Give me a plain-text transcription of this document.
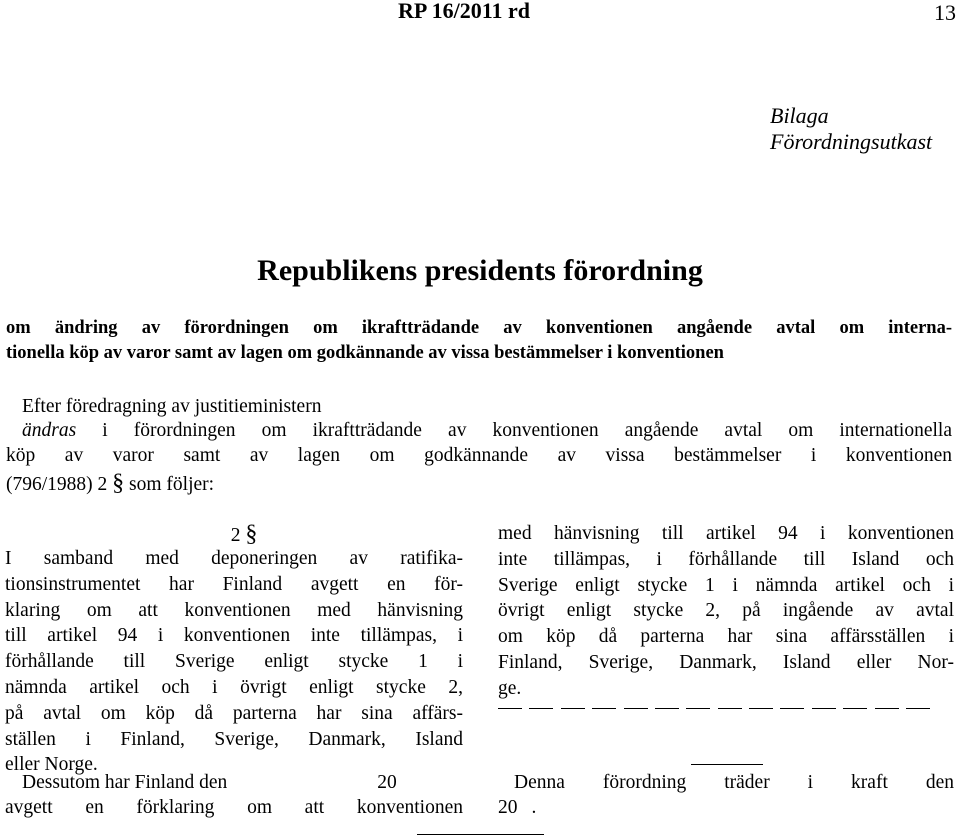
RP 16/2011 rd	13
Bilaga
Förordningsutkast
Republikens presidents förordning
om ändring av förordningen om ikraftträdande av konventionen angående avtal om interna-
tionella köp av varor samt av lagen om godkännande av vissa bestämmelser i konventionen
Efter föredragning av justitieministern
ändras i förordningen om ikraftträdande av konventionen angående avtal om internationella
köp av varor samt av lagen om godkännande av vissa bestämmelser i konventionen
(796/1988) 2 § som följer:
2 §
I samband med deponeringen av ratifika-
tionsinstrumentet har Finland avgett en för-
klaring om att konventionen med hänvisning
till artikel 94 i konventionen inte tillämpas, i
förhållande till Sverige enligt stycke 1 i
nämnda artikel och i övrigt enligt stycke 2,
på avtal om köp då parterna har sina affärs-
ställen i Finland, Sverige, Danmark, Island
eller Norge.
Dessutom har Finland den	20
avgett en förklaring om att konventionen
med hänvisning till artikel 94 i konventionen
inte tillämpas, i förhållande till Island och
Sverige enligt stycke 1 i nämnda artikel och i
övrigt enligt stycke 2, på ingående av avtal
om köp då parterna har sina affärsställen i
Finland, Sverige, Danmark, Island eller Nor-
ge.
Denna förordning träder i kraft den
20 .
